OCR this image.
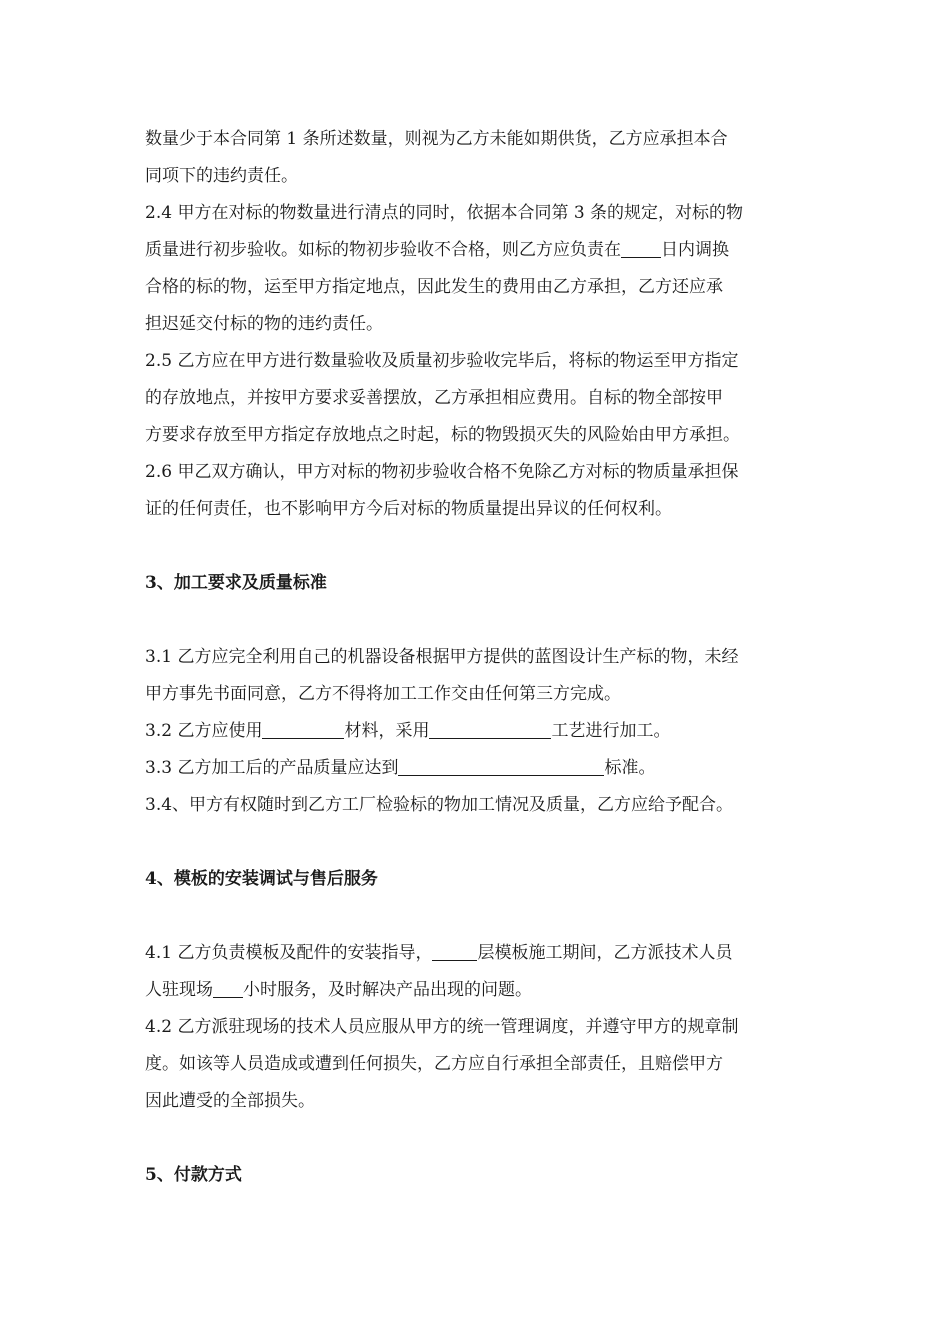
数量少于本合同第 1 条所述数量，则视为乙方未能如期供货，乙方应承担本合
同项下的违约责任。
2.4 甲方在对标的物数量进行清点的同时，依据本合同第 3 条的规定，对标的物
质量进行初步验收。如标的物初步验收不合格，则乙方应负责在 日内调换
合格的标的物，运至甲方指定地点，因此发生的费用由乙方承担，乙方还应承
担迟延交付标的物的违约责任。
2.5 乙方应在甲方进行数量验收及质量初步验收完毕后，将标的物运至甲方指定
的存放地点，并按甲方要求妥善摆放，乙方承担相应费用。自标的物全部按甲
方要求存放至甲方指定存放地点之时起，标的物毁损灭失的风险始由甲方承担。
2.6 甲乙双方确认，甲方对标的物初步验收合格不免除乙方对标的物质量承担保
证的任何责任，也不影响甲方今后对标的物质量提出异议的任何权利。
3、加工要求及质量标准
3.1 乙方应完全利用自己的机器设备根据甲方提供的蓝图设计生产标的物，未经
甲方事先书面同意，乙方不得将加工工作交由任何第三方完成。
3.2 乙方应使用	材料，采用	工艺进行加工。
3.3 乙方加工后的产品质量应达到	标准。
3.4、甲方有权随时到乙方工厂检验标的物加工情况及质量，乙方应给予配合。
4、模板的安装调试与售后服务
4.1 乙方负责模板及配件的安装指导，	层模板施工期间，乙方派技术人员
人驻现场 小时服务，及时解决产品出现的问题。
4.2 乙方派驻现场的技术人员应服从甲方的统一管理调度，并遵守甲方的规章制
度。如该等人员造成或遭到任何损失，乙方应自行承担全部责任，且赔偿甲方
因此遭受的全部损失。
5、付款方式
